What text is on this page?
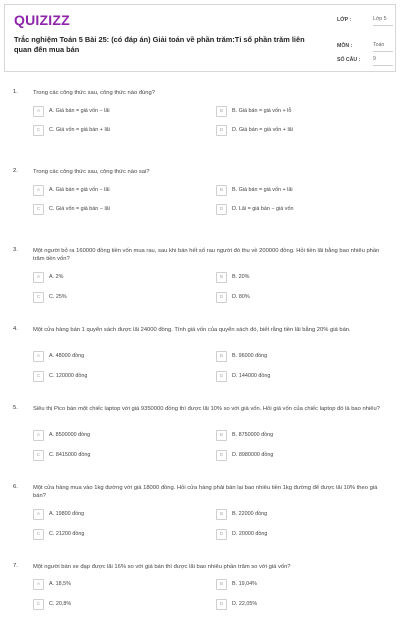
QUIZIZZ
Trắc nghiệm Toán 5 Bài 25: (có đáp án) Giải toán về phần trăm:Tỉ số phần trăm liên quan đến mua bán
LỚP :	Lớp 5
MÔN :	Toán
SỐ CÂU : 9
1.	Trong các công thức sau, công thức nào đúng?
A	A. Giá bán = giá vốn − lãi	B	B. Giá bán = giá vốn + lỗ
C	C. Giá vốn = giá bán + lãi	D	D. Giá bán = giá vốn + lãi
2.	Trong các công thức sau, công thức nào sai?
A	A. Giá bán = giá vốn − lãi	B	B. Giá bán = giá vốn + lãi
C	C. Giá vốn = giá bán − lãi	D	D. Lãi = giá bán − giá vốn
3.	Một người bỏ ra 160000 đồng tiền vốn mua rau, sau khi bán hết số rau người đó thu về 200000 đồng. Hỏi tiền lãi bằng bao nhiêu phần trăm tiền vốn?
A	A. 2%	B	B. 20%
C	C. 25%	D	D. 80%
4.	Một cửa hàng bán 1 quyển sách được lãi 24000 đồng. Tính giá vốn của quyển sách đó, biết rằng tiền lãi bằng 20% giá bán.
A	A. 48000 đồng	B	B. 96000 đồng
C	C. 120000 đồng	D	D. 144000 đồng
5.	Siêu thị Pico bán một chiếc laptop với giá 9350000 đồng thì được lãi 10% so với giá vốn. Hỏi giá vốn của chiếc laptop đó là bao nhiêu?
A	A. 8500000 đồng	B	B. 8750000 đồng
C	C. 8415000 đồng	D	D. 8980000 đồng
6.	Một cửa hàng mua vào 1kg đường với giá 18000 đồng. Hỏi cửa hàng phải bán lại bao nhiêu tiền 1kg đường để được lãi 10% theo giá bán?
A	A. 19800 đồng	B	B. 22000 đồng
C	C. 21200 đồng	D	D. 20000 đồng
7.	Một người bán xe đạp được lãi 16% so với giá bán thì được lãi bao nhiêu phần trăm so với giá vốn?
A	A. 18,5%	B	B. 19,04%
C	C. 20,8%	D	D. 22,05%
